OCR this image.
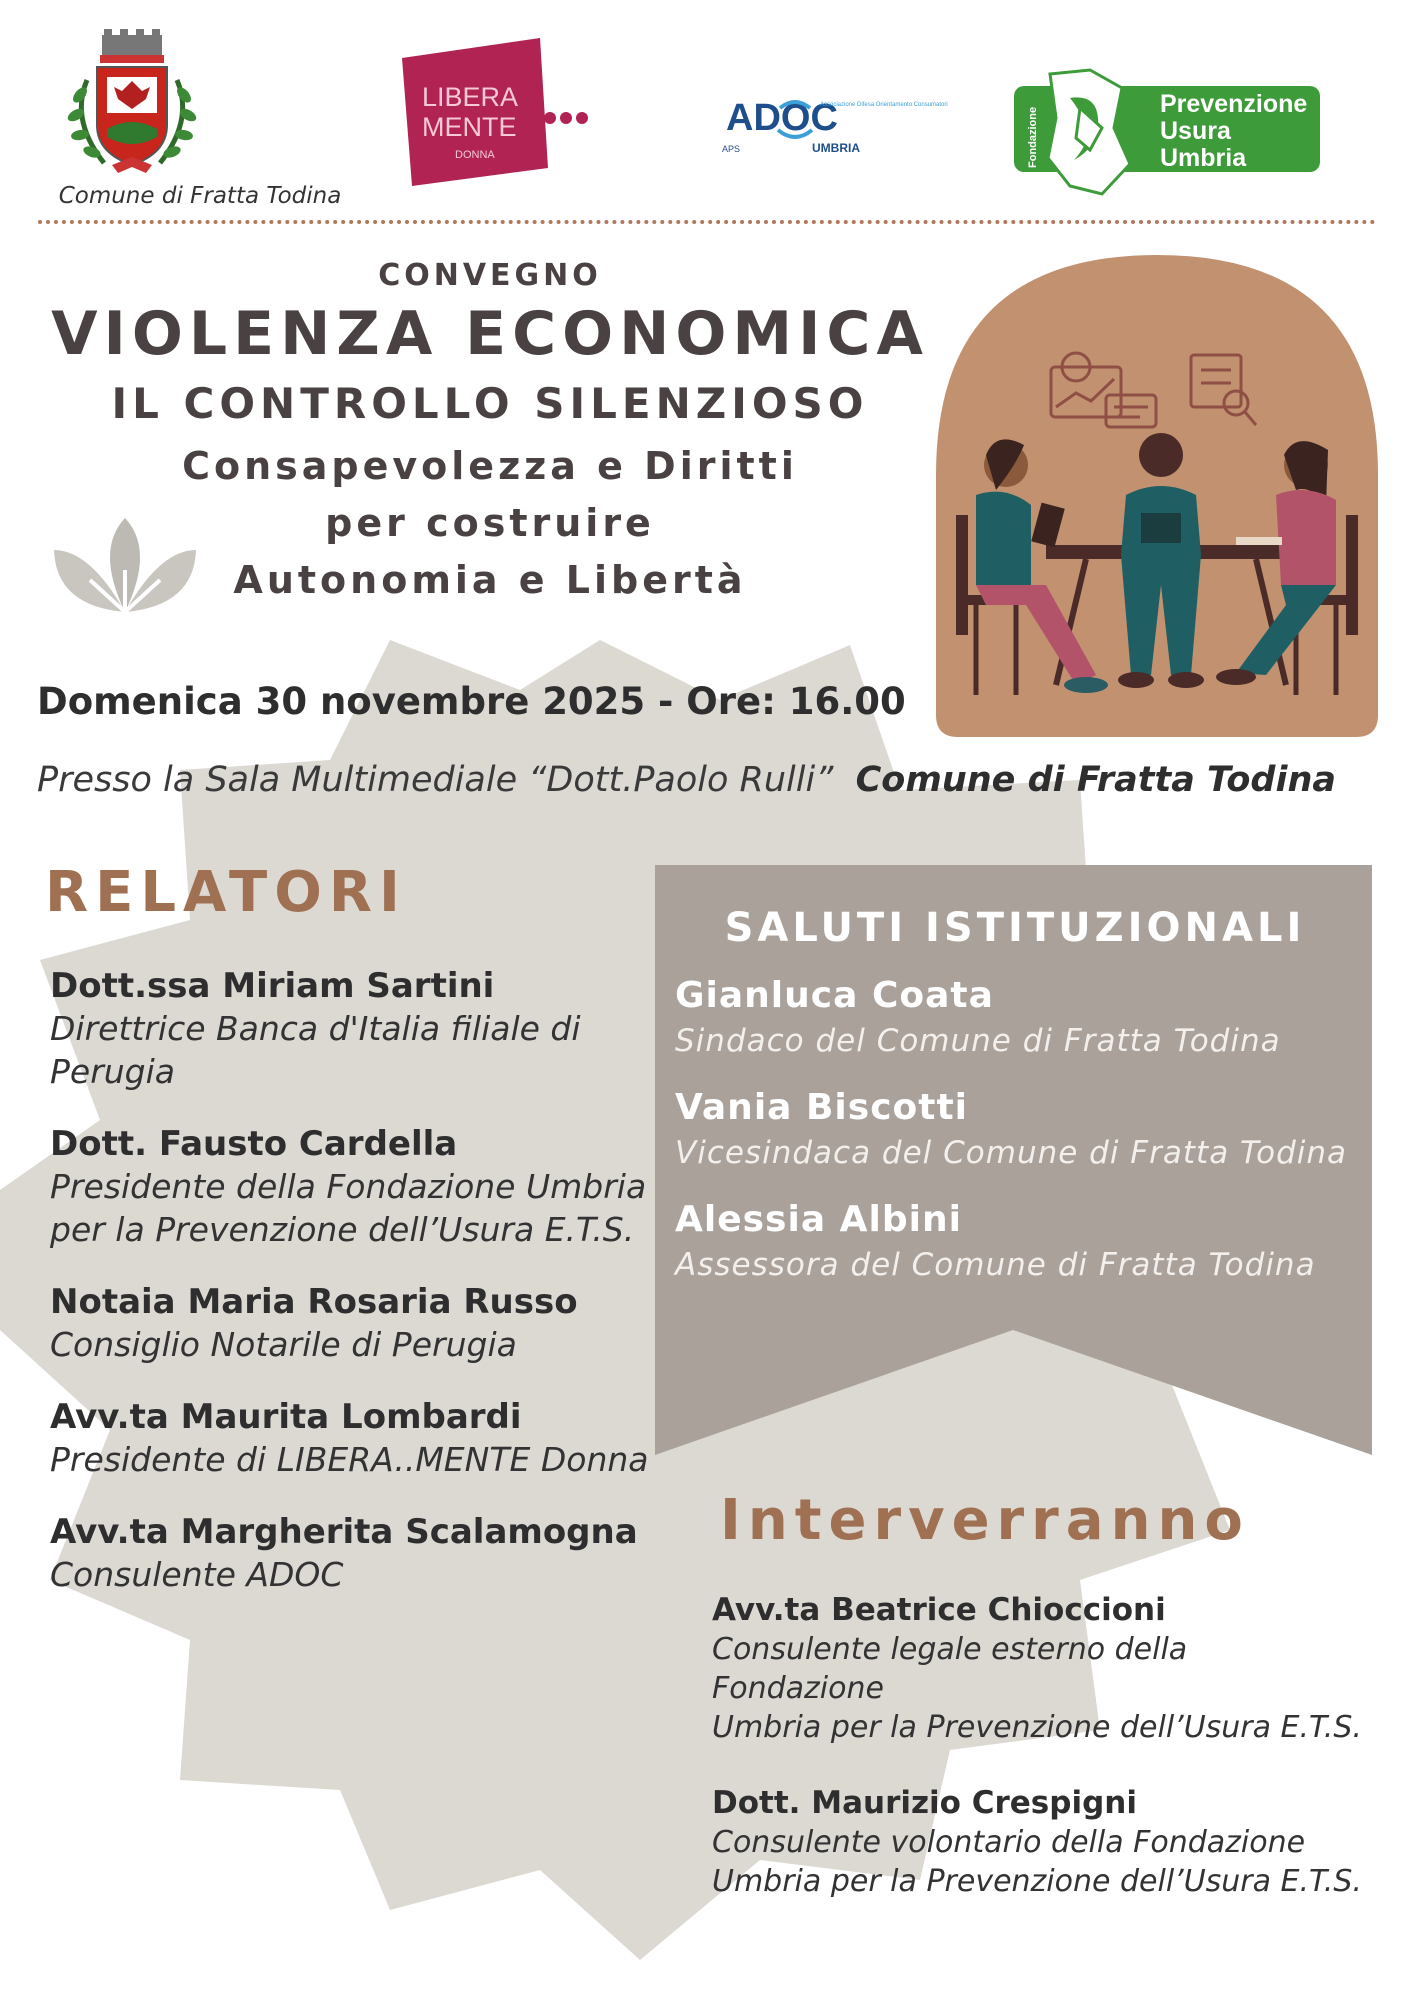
Comune di Fratta Todina
LIBERA
MENTE
DONNA
ADOC
APS
Associazione Difesa Orientamento Consumatori
UMBRIA	Fondazione
Prevenzione
Usura
Umbria
CONVEGNO
VIOLENZA ECONOMICA
IL CONTROLLO SILENZIOSO
Consapevolezza e Diritti
per costruire
Autonomia e Libertà
Domenica 30 novembre 2025 - Ore: 16.00
Presso la Sala Multimediale “Dott.Paolo Rulli” Comune di Fratta Todina
RELATORI
Dott.ssa Miriam Sartini
Direttrice Banca d'Italia filiale di
Perugia
Dott. Fausto Cardella
Presidente della Fondazione Umbria
per la Prevenzione dell’Usura E.T.S.
Notaia Maria Rosaria Russo
Consiglio Notarile di Perugia
Avv.ta Maurita Lombardi
Presidente di LIBERA..MENTE Donna
Avv.ta Margherita Scalamogna
Consulente ADOC
SALUTI ISTITUZIONALI
Gianluca Coata
Sindaco del Comune di Fratta Todina
Vania Biscotti
Vicesindaca del Comune di Fratta Todina
Alessia Albini
Assessora del Comune di Fratta Todina
Interverranno
Avv.ta Beatrice Chioccioni
Consulente legale esterno della Fondazione
Umbria per la Prevenzione dell’Usura E.T.S.
Dott. Maurizio Crespigni
Consulente volontario della Fondazione
Umbria per la Prevenzione dell’Usura E.T.S.
